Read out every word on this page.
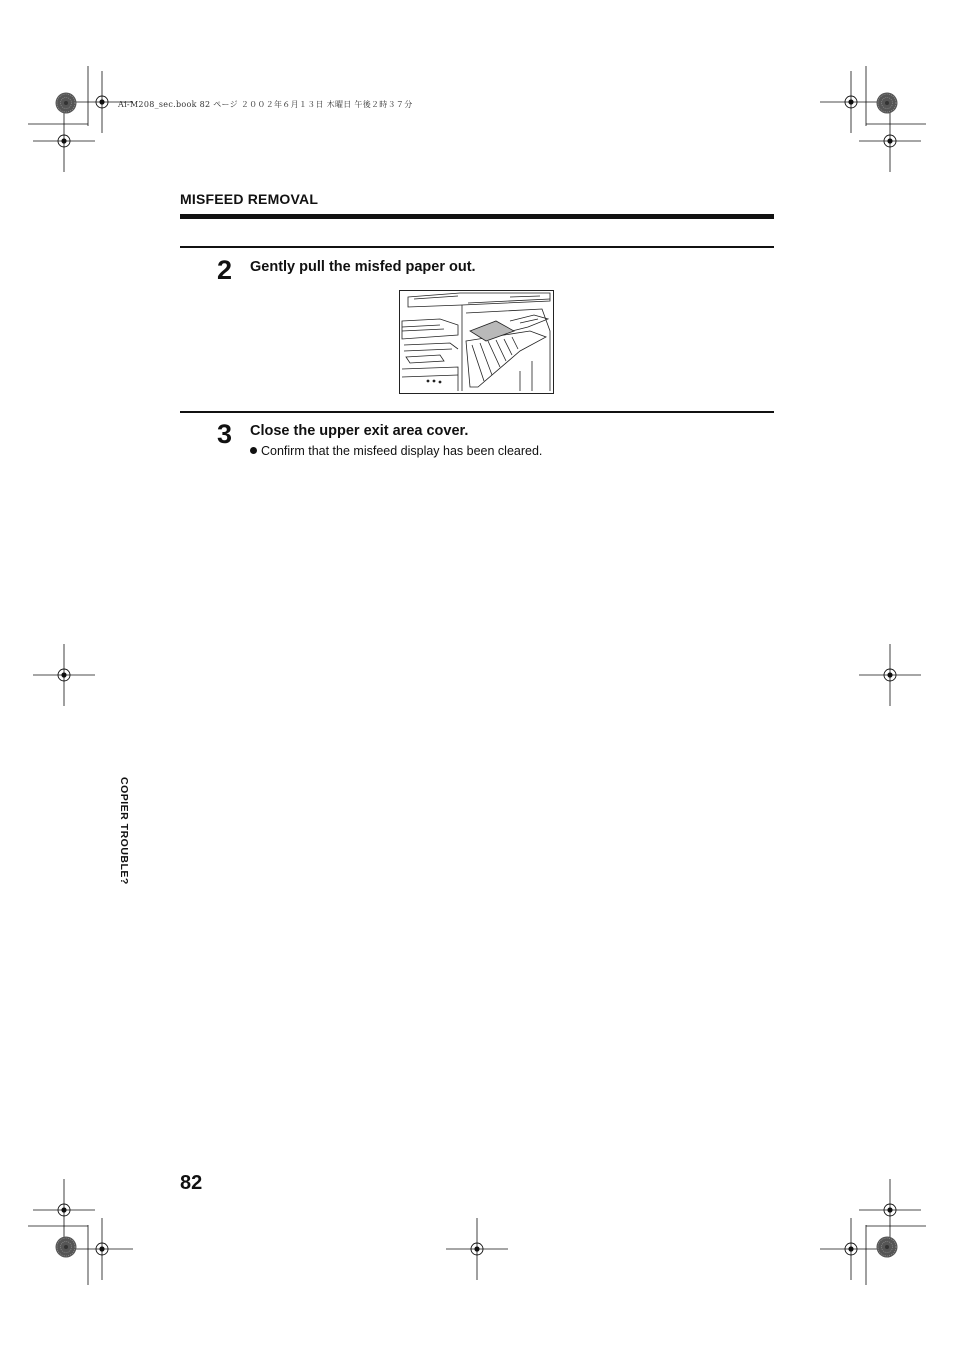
Ai-M208_sec.book 82 ページ ２００２年６月１３日 木曜日 午後２時３７分
MISFEED REMOVAL
2 Gently pull the misfed paper out.
3 Close the upper exit area cover.
Confirm that the misfeed display has been cleared.
COPIER TROUBLE?
82
